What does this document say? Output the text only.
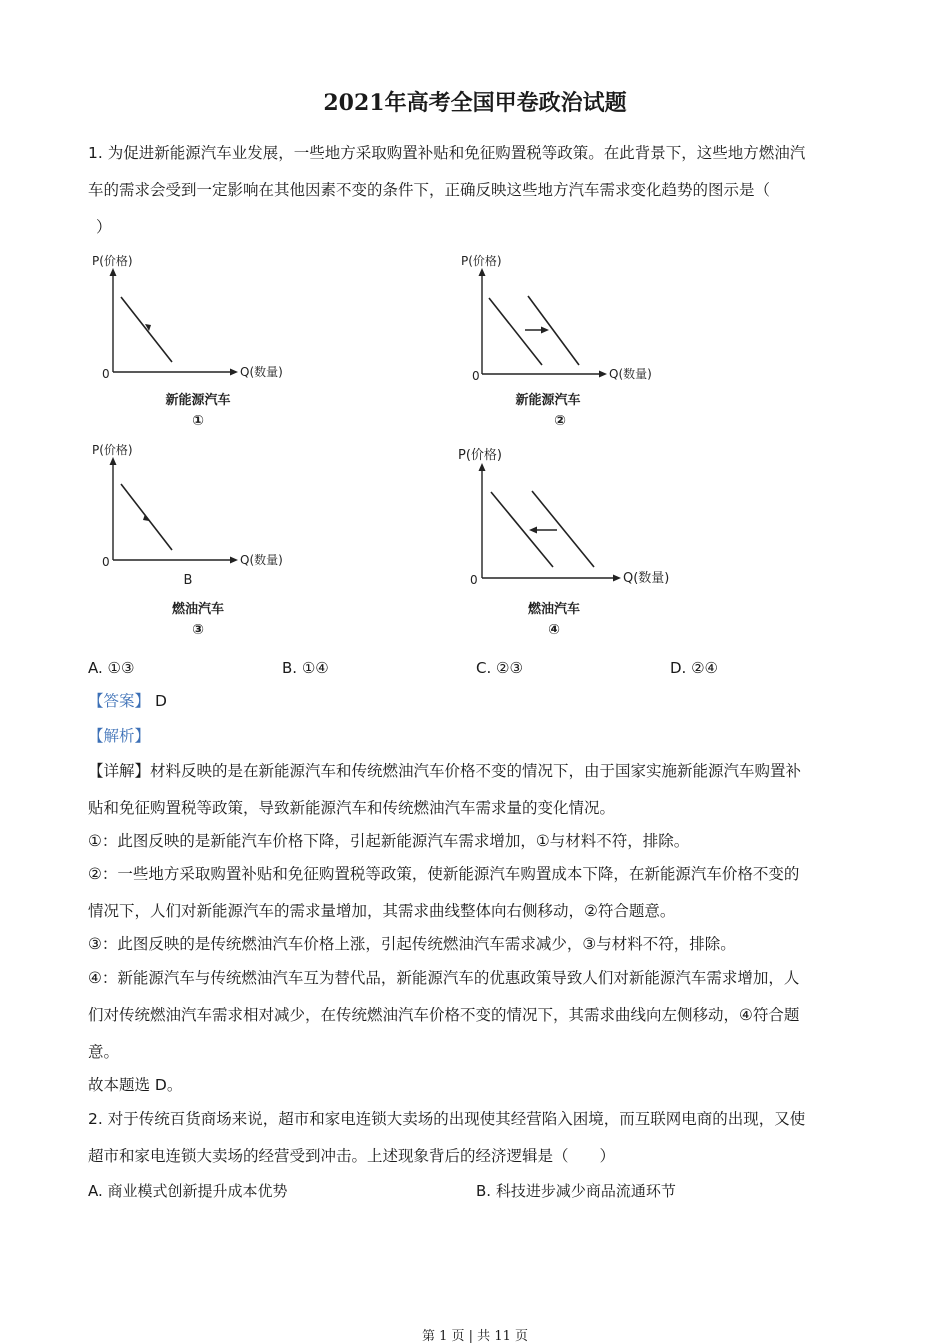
2021年高考全国甲卷政治试题

1. 为促进新能源汽车业发展，一些地方采取购置补贴和免征购置税等政策。在此背景下，这些地方燃油汽

车的需求会受到一定影响在其他因素不变的条件下，正确反映这些地方汽车需求变化趋势的图示是（

）

P(价格)
0	Q(数量)
新能源汽车
①
P(价格)
0	Q(数量)
新能源汽车
②
P(价格)
0	Q(数量)
B
燃油汽车
③
P(价格)
0	Q(数量)
燃油汽车
④
A. ①③	B. ①④	C. ②③	D. ②④

【答案】 D

【解析】

【详解】材料反映的是在新能源汽车和传统燃油汽车价格不变的情况下，由于国家实施新能源汽车购置补

贴和免征购置税等政策，导致新能源汽车和传统燃油汽车需求量的变化情况。

①：此图反映的是新能汽车价格下降，引起新能源汽车需求增加，①与材料不符，排除。

②：一些地方采取购置补贴和免征购置税等政策，使新能源汽车购置成本下降，在新能源汽车价格不变的

情况下，人们对新能源汽车的需求量增加，其需求曲线整体向右侧移动，②符合题意。

③：此图反映的是传统燃油汽车价格上涨，引起传统燃油汽车需求减少，③与材料不符，排除。

④：新能源汽车与传统燃油汽车互为替代品，新能源汽车的优惠政策导致人们对新能源汽车需求增加，人

们对传统燃油汽车需求相对减少，在传统燃油汽车价格不变的情况下，其需求曲线向左侧移动，④符合题

意。

故本题选 D。

2. 对于传统百货商场来说，超市和家电连锁大卖场的出现使其经营陷入困境，而互联网电商的出现，又使

超市和家电连锁大卖场的经营受到冲击。上述现象背后的经济逻辑是（　　）

A. 商业模式创新提升成本优势	B. 科技进步减少商品流通环节
第 1 页 | 共 11 页
